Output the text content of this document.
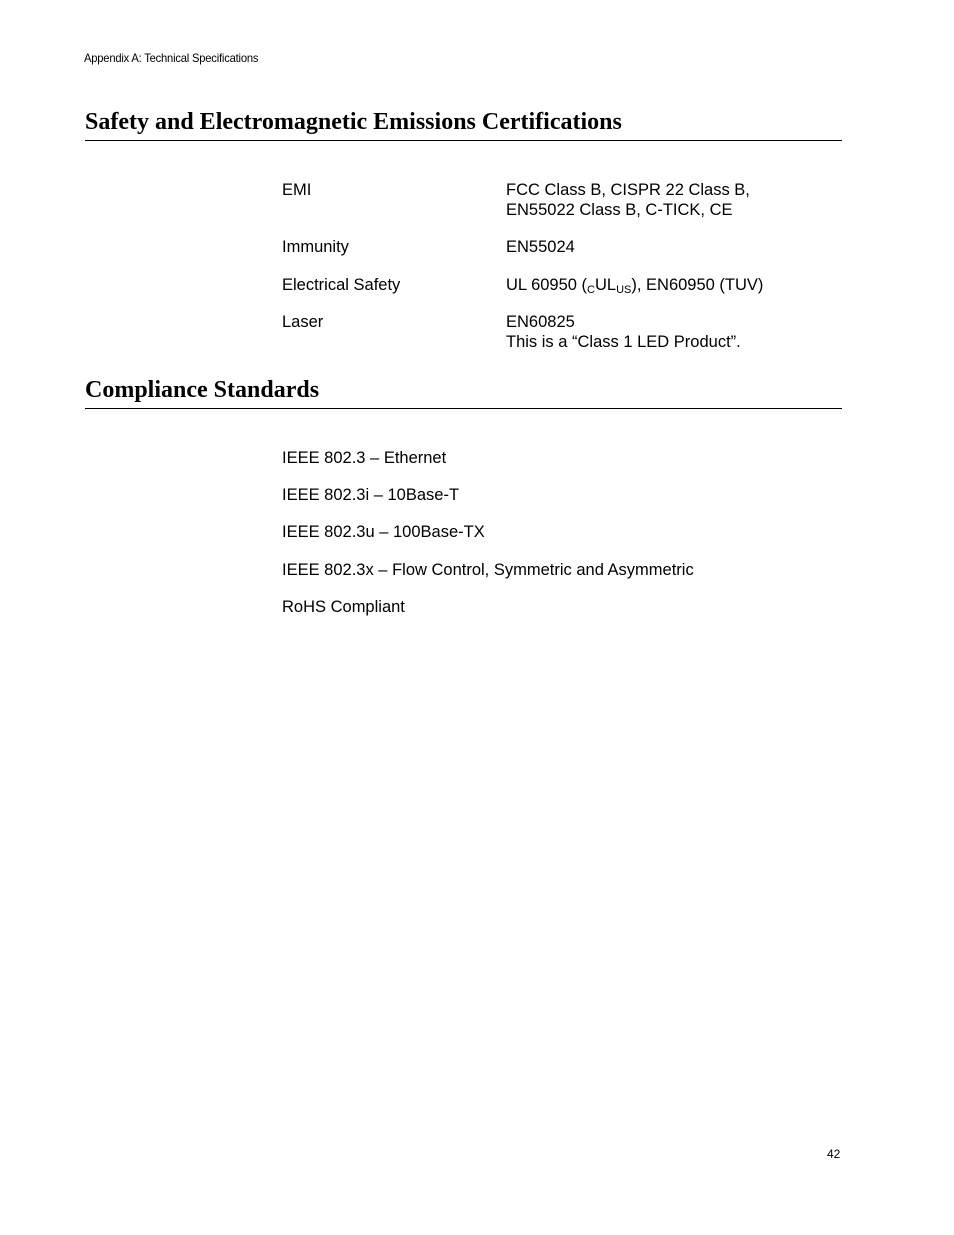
Appendix A: Technical Specifications
Safety and Electromagnetic Emissions Certifications
EMI	FCC Class B, CISPR 22 Class B,
EN55022 Class B, C-TICK, CE
Immunity	EN55024
Electrical Safety	UL 60950 $(_CUL_{US})$, EN60950 (TUV)
Laser	EN60825
This is a “Class 1 LED Product”.
Compliance Standards
IEEE 802.3 – Ethernet
IEEE 802.3i – 10Base-T
IEEE 802.3u – 100Base-TX
IEEE 802.3x – Flow Control, Symmetric and Asymmetric
RoHS Compliant
42
